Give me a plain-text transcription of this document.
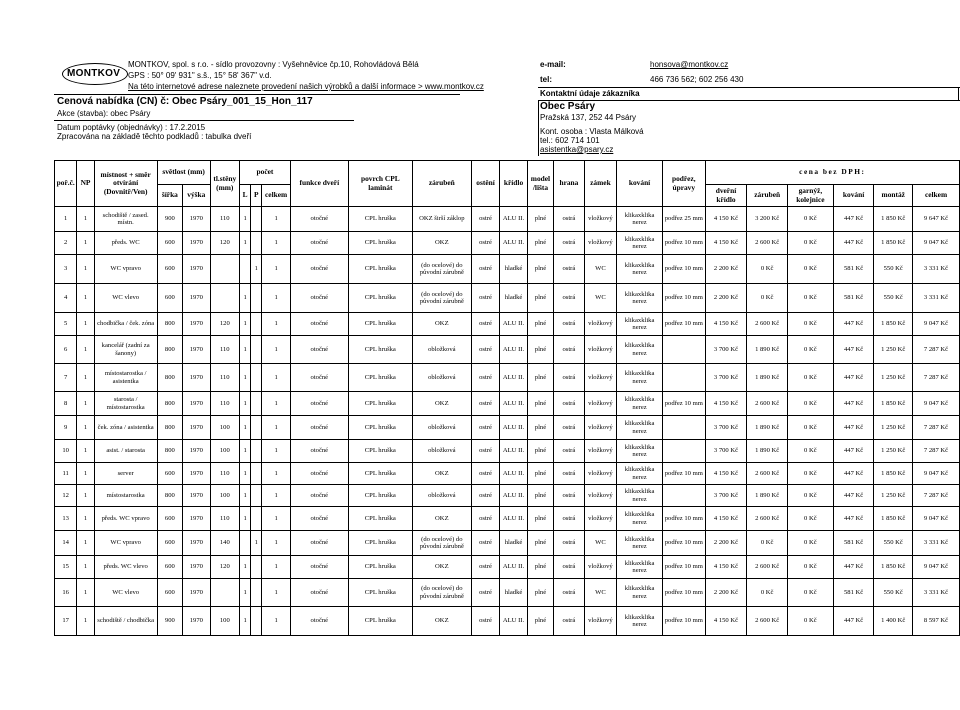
MONTKOV
MONTKOV, spol. s r.o. - sídlo provozovny : Vyšehněvice čp.10, Rohovládová Bělá
GPS : 50° 09' 931" s.š., 15° 58' 367" v.d.
Na této internetové adrese naleznete provedení našich výrobků a další informace > www.montkov.cz
Cenová nabídka (CN) č: Obec Psáry_001_15_Hon_117
Akce (stavba): obec Psáry
Datum poptávky (objednávky) : 17.2.2015
Zpracována na základě těchto podkladů : tabulka dveří
e-mail:	honsova@montkov.cz
tel:	466 736 562; 602 256 430
Kontaktní údaje zákazníka
Obec Psáry
Pražská 137, 252 44 Psáry
Kont. osoba : Vlasta Málková
tel.: 602 714 101
asistentka@psary.cz
poř.č.	NP	místnost + směr otvírání (Dovnitř/Ven)	světlost (mm)		tl.stěny (mm)	počet			funkce dveří	povrch CPL laminát	zárubeň	ostění	křídlo	model /lišta	hrana	zámek	kování	podřez, úpravy	cena bez DPH:					
			šířka	výška		L	P	celkem											dveřní křídlo	zárubeň	garnýž, kolejnice	kování	montáž	celkem
1	1	schodiště / zased. místn.	900	1970	110	1		1	otočné	CPL hruška	OKZ širší záklop	ostré	ALU II.	plné	ostrá	vložkový	klikaxklika nerez	podřez 25 mm	4 150 Kč	3 200 Kč	0 Kč	447 Kč	1 850 Kč	9 647 Kč
2	1	předs. WC	600	1970	120	1		1	otočné	CPL hruška	OKZ	ostré	ALU II.	plné	ostrá	vložkový	klikaxklika nerez	podřez 10 mm	4 150 Kč	2 600 Kč	0 Kč	447 Kč	1 850 Kč	9 047 Kč
3	1	WC vpravo	600	1970			1	1	otočné	CPL hruška	(do ocelové) do původní zárubně	ostré	hladké	plné	ostrá	WC	klikaxklika nerez	podřez 10 mm	2 200 Kč	0 Kč	0 Kč	581 Kč	550 Kč	3 331 Kč
4	1	WC vlevo	600	1970		1		1	otočné	CPL hruška	(do ocelové) do původní zárubně	ostré	hladké	plné	ostrá	WC	klikaxklika nerez	podřez 10 mm	2 200 Kč	0 Kč	0 Kč	581 Kč	550 Kč	3 331 Kč
5	1	chodbička / ček. zóna	800	1970	120	1		1	otočné	CPL hruška	OKZ	ostré	ALU II.	plné	ostrá	vložkový	klikaxklika nerez	podřez 10 mm	4 150 Kč	2 600 Kč	0 Kč	447 Kč	1 850 Kč	9 047 Kč
6	1	kancelář (zadní za šanony)	800	1970	110	1		1	otočné	CPL hruška	obložková	ostré	ALU II.	plné	ostrá	vložkový	klikaxklika nerez		3 700 Kč	1 890 Kč	0 Kč	447 Kč	1 250 Kč	7 287 Kč
7	1	místostarostka / asistentka	800	1970	110	1		1	otočné	CPL hruška	obložková	ostré	ALU II.	plné	ostrá	vložkový	klikaxklika nerez		3 700 Kč	1 890 Kč	0 Kč	447 Kč	1 250 Kč	7 287 Kč
8	1	starosta / místostarostka	800	1970	110	1		1	otočné	CPL hruška	OKZ	ostré	ALU II.	plné	ostrá	vložkový	klikaxklika nerez	podřez 10 mm	4 150 Kč	2 600 Kč	0 Kč	447 Kč	1 850 Kč	9 047 Kč
9	1	ček. zóna / asistentka	800	1970	100	1		1	otočné	CPL hruška	obložková	ostré	ALU II.	plné	ostrá	vložkový	klikaxklika nerez		3 700 Kč	1 890 Kč	0 Kč	447 Kč	1 250 Kč	7 287 Kč
10	1	asist. / starosta	800	1970	100	1		1	otočné	CPL hruška	obložková	ostré	ALU II.	plné	ostrá	vložkový	klikaxklika nerez		3 700 Kč	1 890 Kč	0 Kč	447 Kč	1 250 Kč	7 287 Kč
11	1	server	600	1970	110	1		1	otočné	CPL hruška	OKZ	ostré	ALU II.	plné	ostrá	vložkový	klikaxklika nerez	podřez 10 mm	4 150 Kč	2 600 Kč	0 Kč	447 Kč	1 850 Kč	9 047 Kč
12	1	místostarostka	800	1970	100	1		1	otočné	CPL hruška	obložková	ostré	ALU II.	plné	ostrá	vložkový	klikaxklika nerez		3 700 Kč	1 890 Kč	0 Kč	447 Kč	1 250 Kč	7 287 Kč
13	1	předs. WC vpravo	600	1970	110	1		1	otočné	CPL hruška	OKZ	ostré	ALU II.	plné	ostrá	vložkový	klikaxklika nerez	podřez 10 mm	4 150 Kč	2 600 Kč	0 Kč	447 Kč	1 850 Kč	9 047 Kč
14	1	WC vpravo	600	1970	140		1	1	otočné	CPL hruška	(do ocelové) do původní zárubně	ostré	hladké	plné	ostrá	WC	klikaxklika nerez	podřez 10 mm	2 200 Kč	0 Kč	0 Kč	581 Kč	550 Kč	3 331 Kč
15	1	předs. WC vlevo	600	1970	120	1		1	otočné	CPL hruška	OKZ	ostré	ALU II.	plné	ostrá	vložkový	klikaxklika nerez	podřez 10 mm	4 150 Kč	2 600 Kč	0 Kč	447 Kč	1 850 Kč	9 047 Kč
16	1	WC vlevo	600	1970		1		1	otočné	CPL hruška	(do ocelové) do původní zárubně	ostré	hladké	plné	ostrá	WC	klikaxklika nerez	podřez 10 mm	2 200 Kč	0 Kč	0 Kč	581 Kč	550 Kč	3 331 Kč
17	1	schodiště / chodbička	900	1970	100	1		1	otočné	CPL hruška	OKZ	ostré	ALU II.	plné	ostrá	vložkový	klikaxklika nerez	podřez 10 mm	4 150 Kč	2 600 Kč	0 Kč	447 Kč	1 400 Kč	8 597 Kč
